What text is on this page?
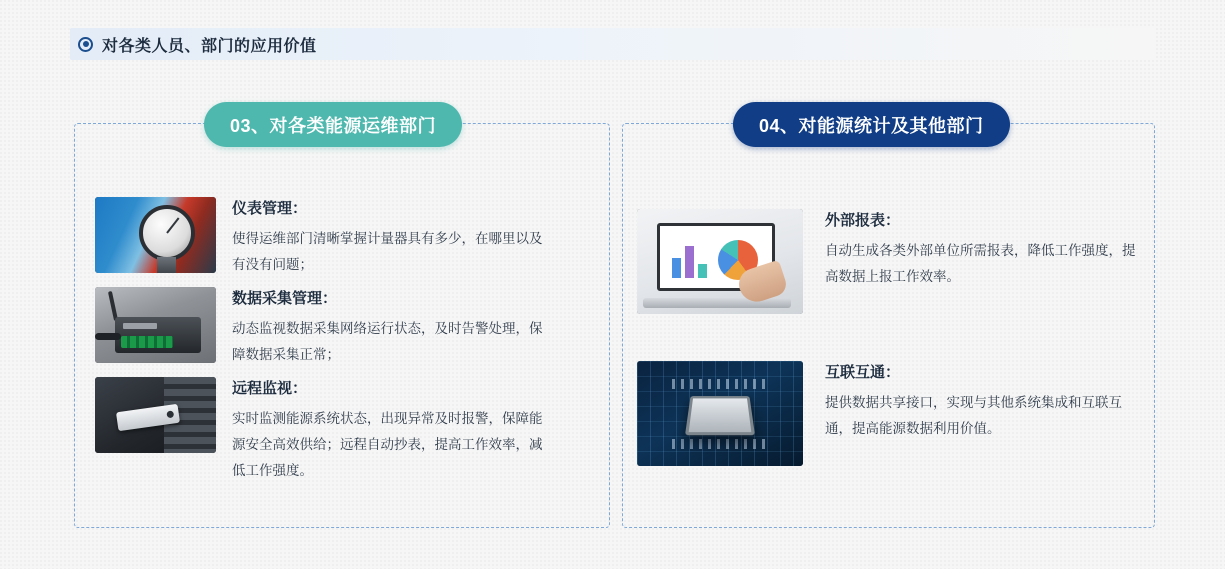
对各类人员、部门的应用价值
03、对各类能源运维部门
仪表管理：
使得运维部门清晰掌握计量器具有多少，在哪里以及有没有问题；
数据采集管理：
动态监视数据采集网络运行状态，及时告警处理，保障数据采集正常；
远程监视：
实时监测能源系统状态，出现异常及时报警，保障能源安全高效供给；远程自动抄表，提高工作效率，减低工作强度。
04、对能源统计及其他部门
外部报表：
自动生成各类外部单位所需报表，降低工作强度，提高数据上报工作效率。
互联互通：
提供数据共享接口，实现与其他系统集成和互联互通，提高能源数据利用价值。
